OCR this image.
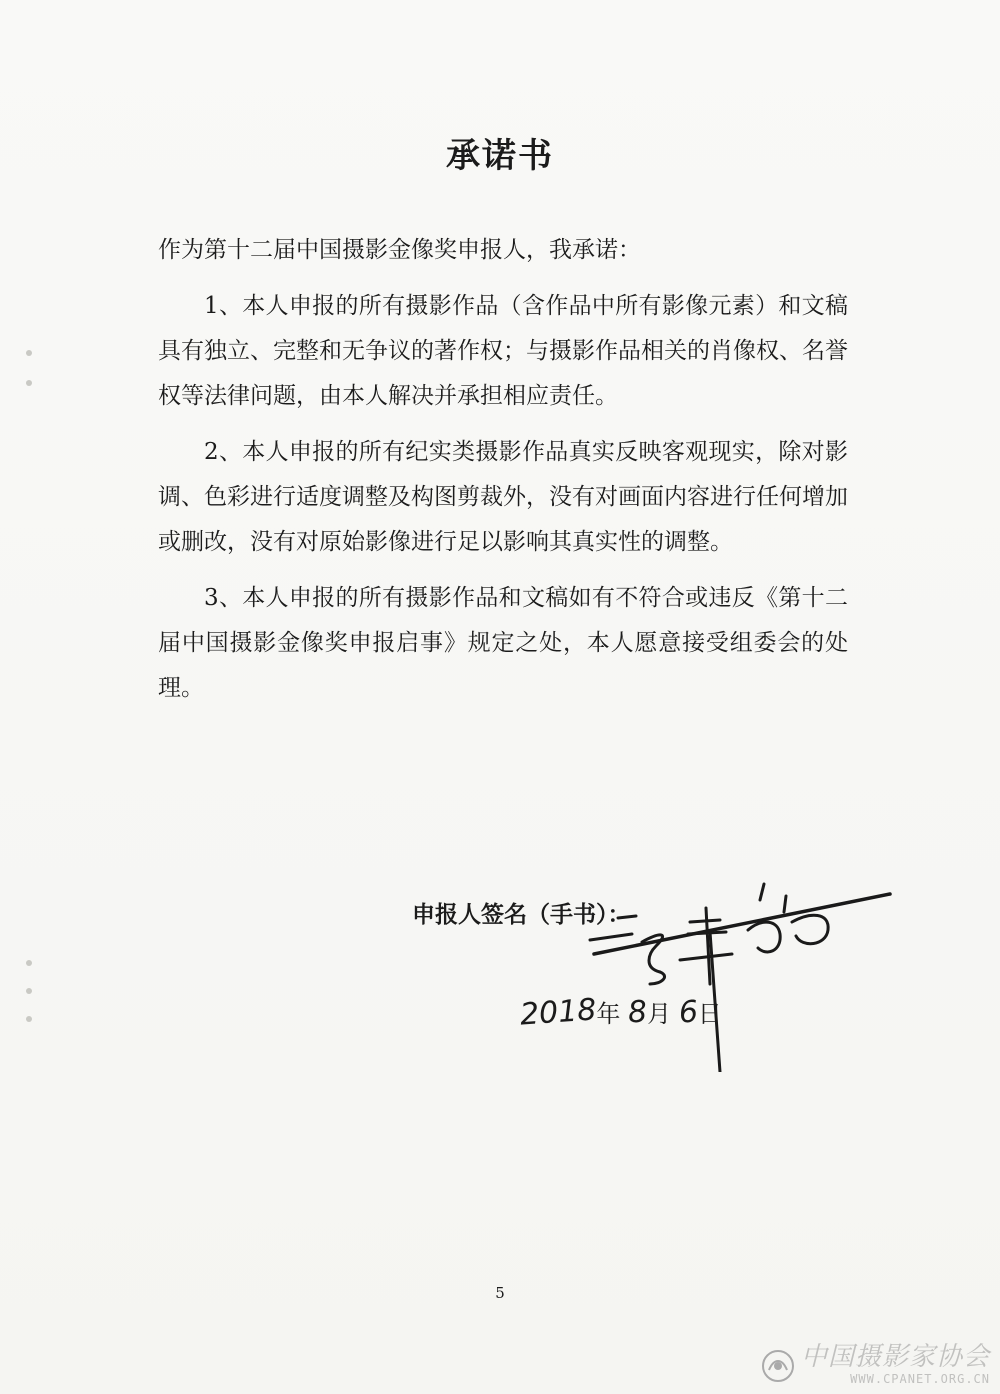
承诺书

作为第十二届中国摄影金像奖申报人，我承诺：

1、本人申报的所有摄影作品（含作品中所有影像元素）和文稿具有独立、完整和无争议的著作权；与摄影作品相关的肖像权、名誉权等法律问题，由本人解决并承担相应责任。

2、本人申报的所有纪实类摄影作品真实反映客观现实，除对影调、色彩进行适度调整及构图剪裁外，没有对画面内容进行任何增加或删改，没有对原始影像进行足以影响其真实性的调整。

3、本人申报的所有摄影作品和文稿如有不符合或违反《第十二届中国摄影金像奖申报启事》规定之处，本人愿意接受组委会的处理。

申报人签名（手书）：
2018年 8月 6日
5
中国摄影家协会
WWW.CPANET.ORG.CN
